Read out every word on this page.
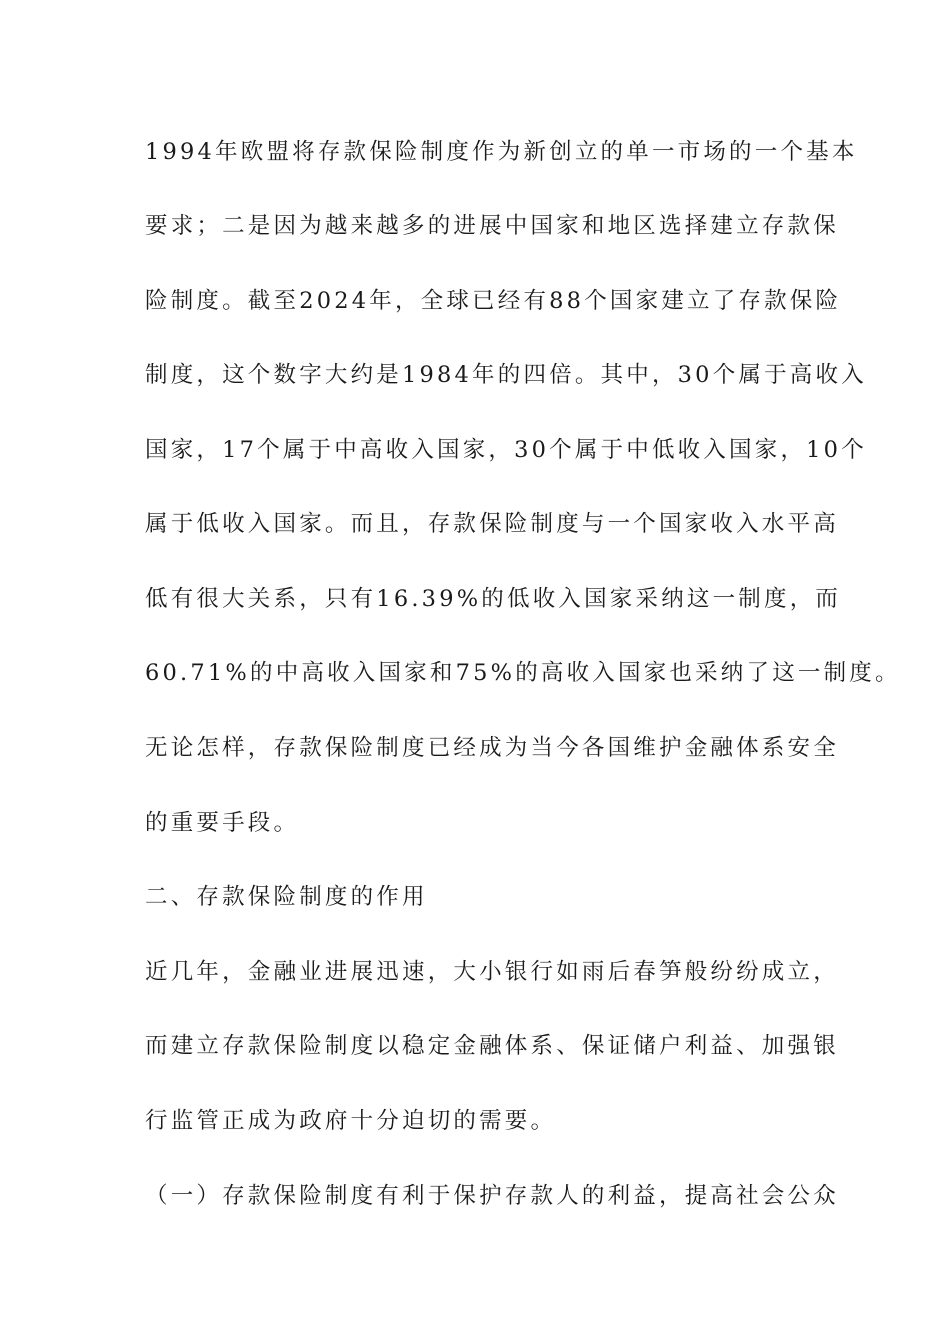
1994年欧盟将存款保险制度作为新创立的单一市场的一个基本
要求；二是因为越来越多的进展中国家和地区选择建立存款保
险制度。截至2024年，全球已经有88个国家建立了存款保险
制度，这个数字大约是1984年的四倍。其中，30个属于高收入
国家，17个属于中高收入国家，30个属于中低收入国家，10个
属于低收入国家。而且，存款保险制度与一个国家收入水平高
低有很大关系，只有16.39%的低收入国家采纳这一制度，而
60.71%的中高收入国家和75%的高收入国家也采纳了这一制度。
无论怎样，存款保险制度已经成为当今各国维护金融体系安全
的重要手段。
二、存款保险制度的作用
近几年，金融业进展迅速，大小银行如雨后春笋般纷纷成立，
而建立存款保险制度以稳定金融体系、保证储户利益、加强银
行监管正成为政府十分迫切的需要。
（一）存款保险制度有利于保护存款人的利益，提高社会公众
